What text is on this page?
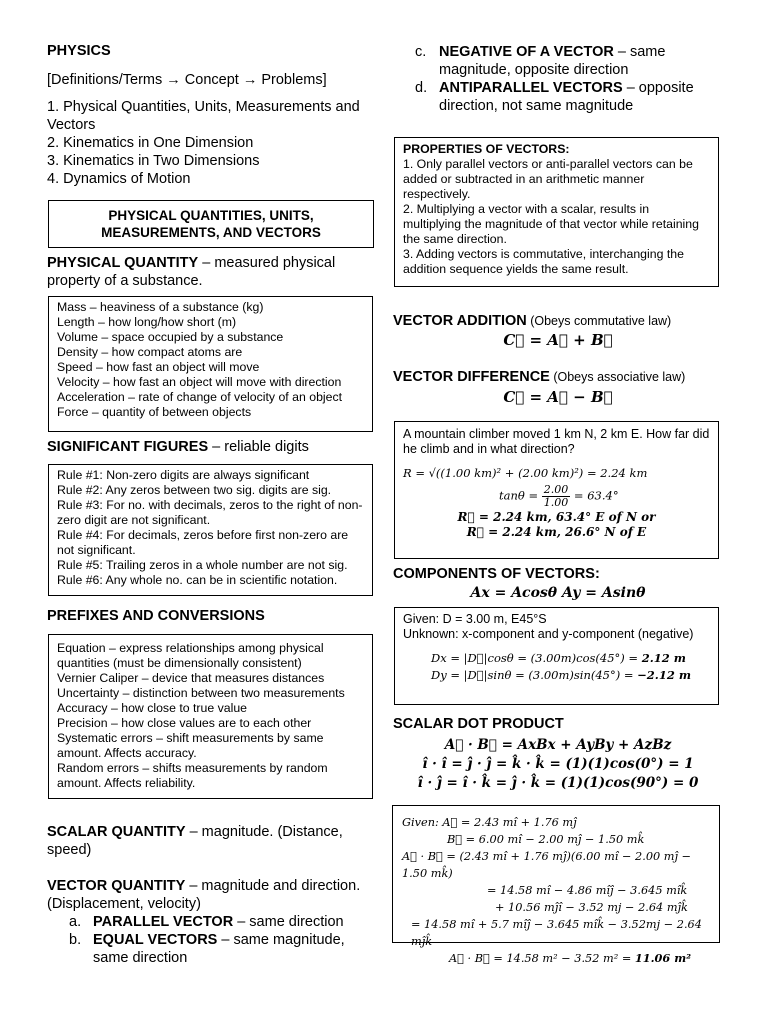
PHYSICS
[Definitions/Terms → Concept → Problems]
1. Physical Quantities, Units, Measurements and Vectors
2. Kinematics in One Dimension
3. Kinematics in Two Dimensions
4. Dynamics of Motion
PHYSICAL QUANTITIES, UNITS, MEASUREMENTS, AND VECTORS
PHYSICAL QUANTITY – measured physical property of a substance.
Mass – heaviness of a substance (kg)
Length – how long/how short (m)
Volume – space occupied by a substance
Density – how compact atoms are
Speed – how fast an object will move
Velocity – how fast an object will move with direction
Acceleration – rate of change of velocity of an object
Force – quantity of between objects
SIGNIFICANT FIGURES – reliable digits
Rule #1: Non-zero digits are always significant
Rule #2: Any zeros between two sig. digits are sig.
Rule #3: For no. with decimals, zeros to the right of non-zero digit are not significant.
Rule #4: For decimals, zeros before first non-zero are not significant.
Rule #5: Trailing zeros in a whole number are not sig.
Rule #6: Any whole no. can be in scientific notation.
PREFIXES AND CONVERSIONS
Equation – express relationships among physical quantities (must be dimensionally consistent)
Vernier Caliper – device that measures distances
Uncertainty – distinction between two measurements
Accuracy – how close to true value
Precision – how close values are to each other
Systematic errors – shift measurements by same amount. Affects accuracy.
Random errors – shifts measurements by random amount. Affects reliability.
SCALAR QUANTITY – magnitude. (Distance, speed)
VECTOR QUANTITY – magnitude and direction. (Displacement, velocity)
a. PARALLEL VECTOR – same direction
b. EQUAL VECTORS – same magnitude, same direction
c. NEGATIVE OF A VECTOR – same magnitude, opposite direction
d. ANTIPARALLEL VECTORS – opposite direction, not same magnitude
PROPERTIES OF VECTORS:
1. Only parallel vectors or anti-parallel vectors can be added or subtracted in an arithmetic manner respectively.
2. Multiplying a vector with a scalar, results in multiplying the magnitude of that vector while retaining the same direction.
3. Adding vectors is commutative, interchanging the addition sequence yields the same result.
VECTOR ADDITION (Obeys commutative law)
C⃗ = A⃗ + B⃗
VECTOR DIFFERENCE (Obeys associative law)
C⃗ = A⃗ − B⃗
A mountain climber moved 1 km N, 2 km E. How far did he climb and in what direction?
R = √((1.00 km)² + (2.00 km)²) = 2.24 km
$\tan\theta = \frac{2.00}{1.00} = 63.4^\circ$
R⃗ = 2.24 km, 63.4° E of N or
R⃗ = 2.24 km, 26.6° N of E
COMPONENTS OF VECTORS:
Ax = Acosθ Ay = Asinθ
Given: D = 3.00 m, E45°S
Unknown: x-component and y-component (negative)
Dx = |D⃗|cosθ = (3.00m)cos(45°) = 2.12 m
Dy = |D⃗|sinθ = (3.00m)sin(45°) = −2.12 m
SCALAR DOT PRODUCT
A⃗ · B⃗ = AxBx + AyBy + AzBz
î · î = ĵ · ĵ = k̂ · k̂ = (1)(1)cos(0°) = 1
î · ĵ = î · k̂ = ĵ · k̂ = (1)(1)cos(90°) = 0
Given: A⃗ = 2.43 mî + 1.76 mĵ
B⃗ = 6.00 mî − 2.00 mĵ − 1.50 mk̂
A⃗ · B⃗ = (2.43 mî + 1.76 mĵ)(6.00 mî − 2.00 mĵ − 1.50 mk̂)
= 14.58 mî − 4.86 mîĵ − 3.645 mîk̂
+ 10.56 mĵî − 3.52 mj − 2.64 mĵk̂
= 14.58 mî + 5.7 mîĵ − 3.645 mîk̂ − 3.52mj − 2.64 mĵk̂
A⃗ · B⃗ = 14.58 m² − 3.52 m² = 11.06 m²
